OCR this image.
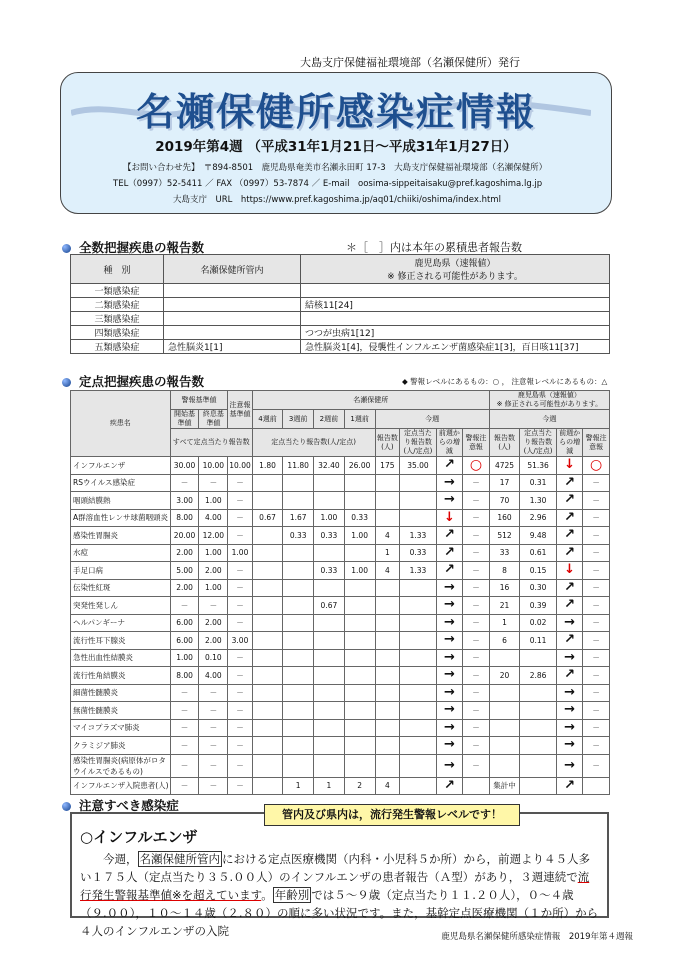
大島支庁保健福祉環境部（名瀬保健所）発行
名瀬保健所感染症情報
2019年第4週 （平成31年1月21日～平成31年1月27日）
【お問い合わせ先】　〒894-8501　鹿児島県奄美市名瀬永田町 17-3　大島支庁保健福祉環境部（名瀬保健所）
TEL（0997）52-5411 ／ FAX （0997）53-7874 ／ E-mail　oosima-sippeitaisaku@pref.kagoshima.lg.jp
大島支庁　URL　https://www.pref.kagoshima.jp/aq01/chiiki/oshima/index.html
全数把握疾患の報告数	＊［　］内は本年の累積患者報告数
種　別	名瀬保健所管内	鹿児島県（速報値）
※ 修正される可能性があります。

一類感染症		
二類感染症		結核11[24]
三類感染症		
四類感染症		つつが虫病1[12]
五類感染症	急性脳炎1[1]	急性脳炎1[4]，侵襲性インフルエンザ菌感染症1[3]，百日咳11[37]
定点把握疾患の報告数	◆ 警報レベルにあるもの：○ ， 注意報レベルにあるもの：△
疾患名	警報基準値		注意報基準値	名瀬保健所								鹿児島県（速報値）
※ 修正される可能性があります。			

	開始基準値	終息基準値		4週前	3週前	2週前	1週前	今週				今週			
	すべて定点当たり報告数			定点当たり報告数(人/定点)				報告数(人)	定点当たり報告数(人/定点)	前週からの増減	警報注意報	報告数(人)	定点当たり報告数(人/定点)	前週からの増減	警報注意報
インフルエンザ	30.00	10.00	10.00	1.80	11.80	32.40	26.00	175	35.00	↗	○	4725	51.36	↓	○
RSウイルス感染症	－	－	－							→	－	17	0.31	↗	－
咽頭結膜熱	3.00	1.00	－							→	－	70	1.30	↗	－
A群溶血性レンサ球菌咽頭炎	8.00	4.00	－	0.67	1.67	1.00	0.33			↓	－	160	2.96	↗	－
感染性胃腸炎	20.00	12.00	－		0.33	0.33	1.00	4	1.33	↗	－	512	9.48	↗	－
水痘	2.00	1.00	1.00					1	0.33	↗	－	33	0.61	↗	－
手足口病	5.00	2.00	－			0.33	1.00	4	1.33	↗	－	8	0.15	↓	－
伝染性紅斑	2.00	1.00	－							→	－	16	0.30	↗	－
突発性発しん	－	－	－			0.67				→	－	21	0.39	↗	－
ヘルパンギーナ	6.00	2.00	－							→	－	1	0.02	→	－
流行性耳下腺炎	6.00	2.00	3.00							→	－	6	0.11	↗	－
急性出血性結膜炎	1.00	0.10	－							→	－			→	－
流行性角結膜炎	8.00	4.00	－							→	－	20	2.86	↗	－
細菌性髄膜炎	－	－	－							→	－			→	－
無菌性髄膜炎	－	－	－							→	－			→	－
マイコプラズマ肺炎	－	－	－							→	－			→	－
クラミジア肺炎	－	－	－							→	－			→	－
感染性胃腸炎(病原体がロタウイルスであるもの)	－	－	－							→	－			→	－
インフルエンザ入院患者(人)	－	－	－		1	1	2	4		↗		集計中		↗	
注意すべき感染症
○インフルエンザ
今週， 名瀬保健所管内 における定点医療機関（内科・小児科５か所）から，前週より４５人多い１７５人（定点当たり３５.００人）のインフルエンザの患者報告（Ａ型）があり，３週連続で流行発生警報基準値※を超えています。 年齢別 では５～９歳（定点当たり１１.２０人），０～４歳（９.００），１０～１４歳（２.８０）の順に多い状況です。また，基幹定点医療機関（１か所）から４人のインフルエンザの入院
管内及び県内は，流行発生警報レベルです！
鹿児島県名瀬保健所感染症情報　2019年第４週報
